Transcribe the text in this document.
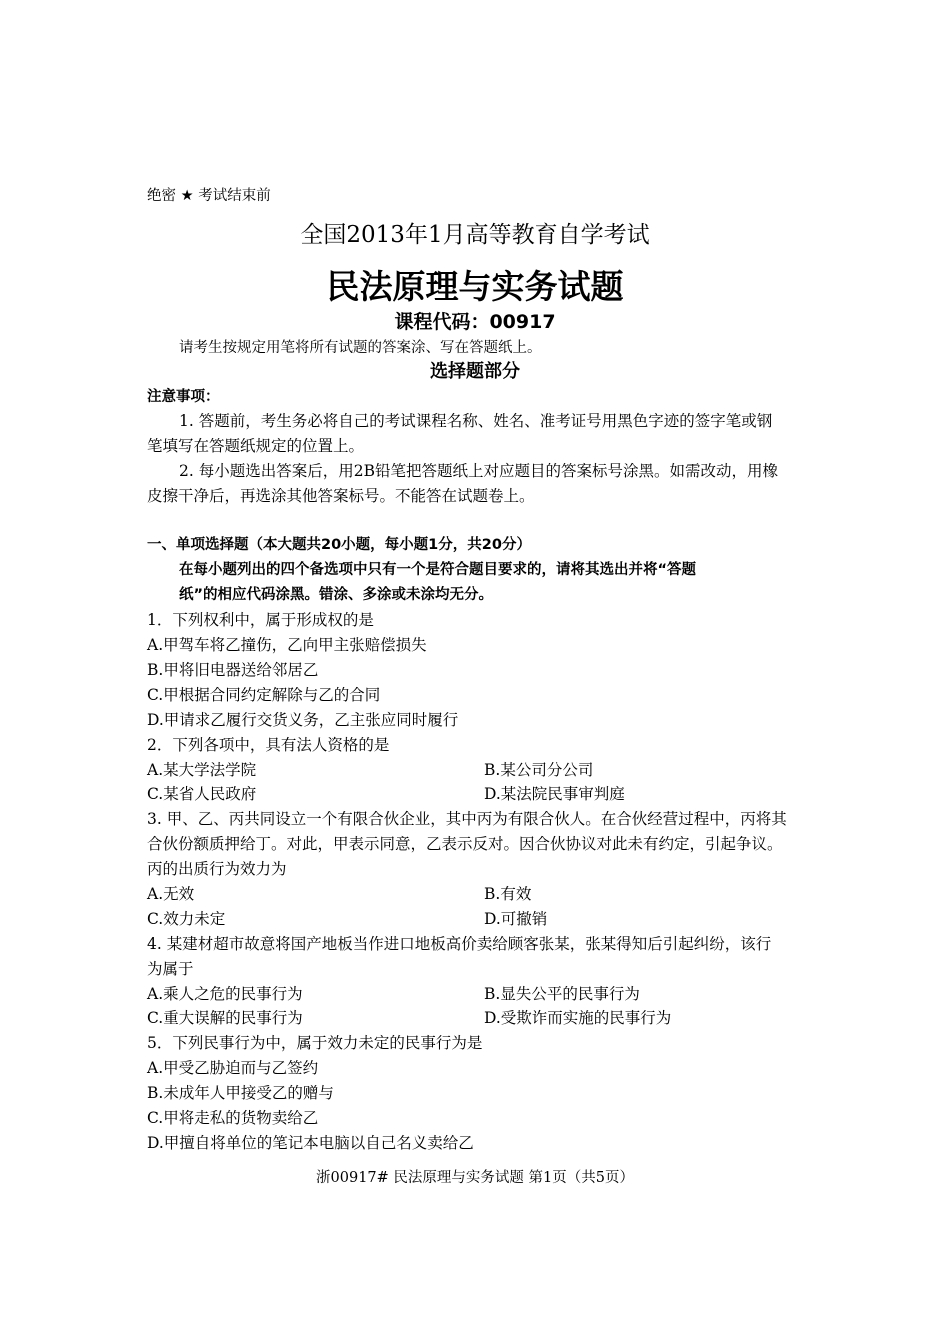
绝密 ★ 考试结束前
全国2013年1月高等教育自学考试
民法原理与实务试题
课程代码：00917
请考生按规定用笔将所有试题的答案涂、写在答题纸上。
选择题部分
注意事项：
1. 答题前，考生务必将自己的考试课程名称、姓名、准考证号用黑色字迹的签字笔或钢
笔填写在答题纸规定的位置上。
2. 每小题选出答案后，用2B铅笔把答题纸上对应题目的答案标号涂黑。如需改动，用橡
皮擦干净后，再选涂其他答案标号。不能答在试题卷上。
一、单项选择题（本大题共20小题，每小题1分，共20分）
在每小题列出的四个备选项中只有一个是符合题目要求的，请将其选出并将“答题
纸”的相应代码涂黑。错涂、多涂或未涂均无分。
1．下列权利中，属于形成权的是
A.甲驾车将乙撞伤，乙向甲主张赔偿损失
B.甲将旧电器送给邻居乙
C.甲根据合同约定解除与乙的合同
D.甲请求乙履行交货义务，乙主张应同时履行
2．下列各项中，具有法人资格的是
A.某大学法学院	B.某公司分公司
C.某省人民政府	D.某法院民事审判庭
3. 甲、乙、丙共同设立一个有限合伙企业，其中丙为有限合伙人。在合伙经营过程中，丙将其
合伙份额质押给丁。对此，甲表示同意，乙表示反对。因合伙协议对此未有约定，引起争议。
丙的出质行为效力为
A.无效	B.有效
C.效力未定	D.可撤销
4. 某建材超市故意将国产地板当作进口地板高价卖给顾客张某，张某得知后引起纠纷，该行
为属于
A.乘人之危的民事行为	B.显失公平的民事行为
C.重大误解的民事行为	D.受欺诈而实施的民事行为
5．下列民事行为中，属于效力未定的民事行为是
A.甲受乙胁迫而与乙签约
B.未成年人甲接受乙的赠与
C.甲将走私的货物卖给乙
D.甲擅自将单位的笔记本电脑以自己名义卖给乙
浙00917# 民法原理与实务试题 第1页（共5页）
